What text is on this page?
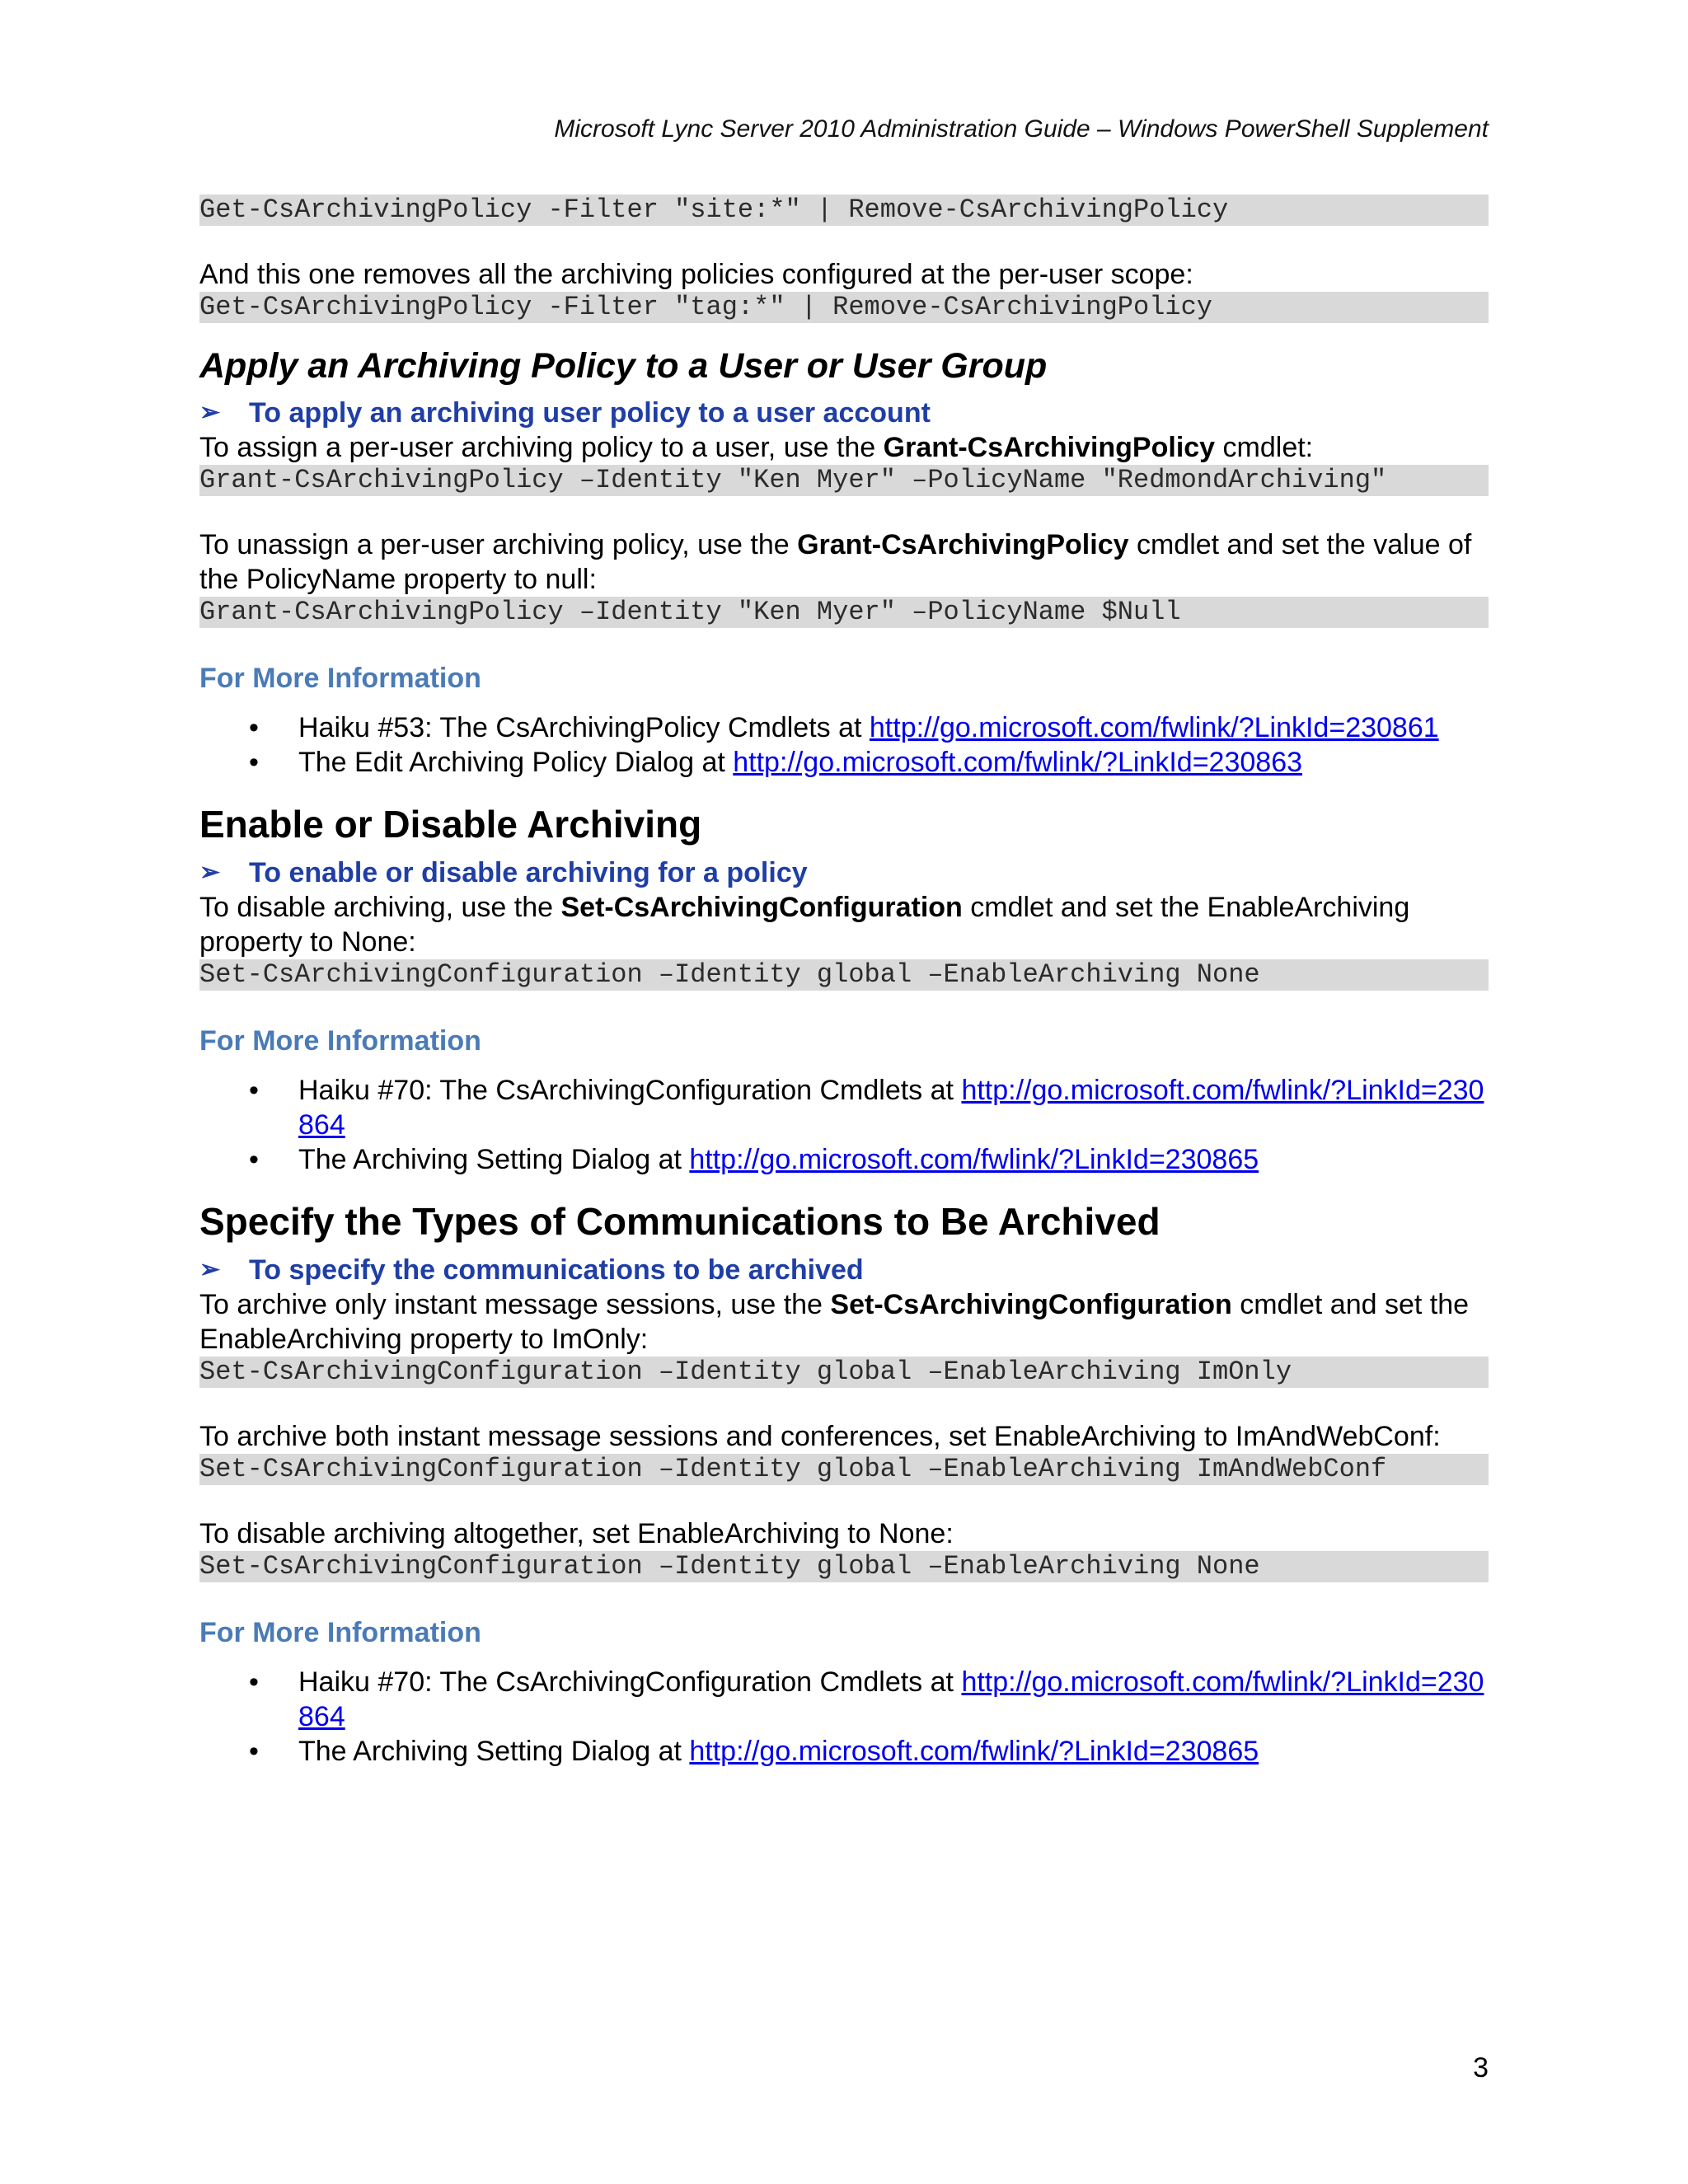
Microsoft Lync Server 2010 Administration Guide – Windows PowerShell Supplement
Get-CsArchivingPolicy -Filter "site:*" | Remove-CsArchivingPolicy
And this one removes all the archiving policies configured at the per-user scope:
Get-CsArchivingPolicy -Filter "tag:*" | Remove-CsArchivingPolicy
Apply an Archiving Policy to a User or User Group
➢	To apply an archiving user policy to a user account
To assign a per-user archiving policy to a user, use the Grant-CsArchivingPolicy cmdlet:
Grant-CsArchivingPolicy –Identity "Ken Myer" –PolicyName "RedmondArchiving"
To unassign a per-user archiving policy, use the Grant-CsArchivingPolicy cmdlet and set the value of the PolicyName property to null:
Grant-CsArchivingPolicy –Identity "Ken Myer" –PolicyName $Null
For More Information
• Haiku #53: The CsArchivingPolicy Cmdlets at http://go.microsoft.com/fwlink/?LinkId=230861
• The Edit Archiving Policy Dialog at http://go.microsoft.com/fwlink/?LinkId=230863
Enable or Disable Archiving
➢	To enable or disable archiving for a policy
To disable archiving, use the Set-CsArchivingConfiguration cmdlet and set the EnableArchiving property to None:
Set-CsArchivingConfiguration –Identity global –EnableArchiving None
For More Information
• Haiku #70: The CsArchivingConfiguration Cmdlets at http://go.microsoft.com/fwlink/?LinkId=230864
• The Archiving Setting Dialog at http://go.microsoft.com/fwlink/?LinkId=230865
Specify the Types of Communications to Be Archived
➢	To specify the communications to be archived
To archive only instant message sessions, use the Set-CsArchivingConfiguration cmdlet and set the EnableArchiving property to ImOnly:
Set-CsArchivingConfiguration –Identity global –EnableArchiving ImOnly
To archive both instant message sessions and conferences, set EnableArchiving to ImAndWebConf:
Set-CsArchivingConfiguration –Identity global –EnableArchiving ImAndWebConf
To disable archiving altogether, set EnableArchiving to None:
Set-CsArchivingConfiguration –Identity global –EnableArchiving None
For More Information
• Haiku #70: The CsArchivingConfiguration Cmdlets at http://go.microsoft.com/fwlink/?LinkId=230864
• The Archiving Setting Dialog at http://go.microsoft.com/fwlink/?LinkId=230865
3
